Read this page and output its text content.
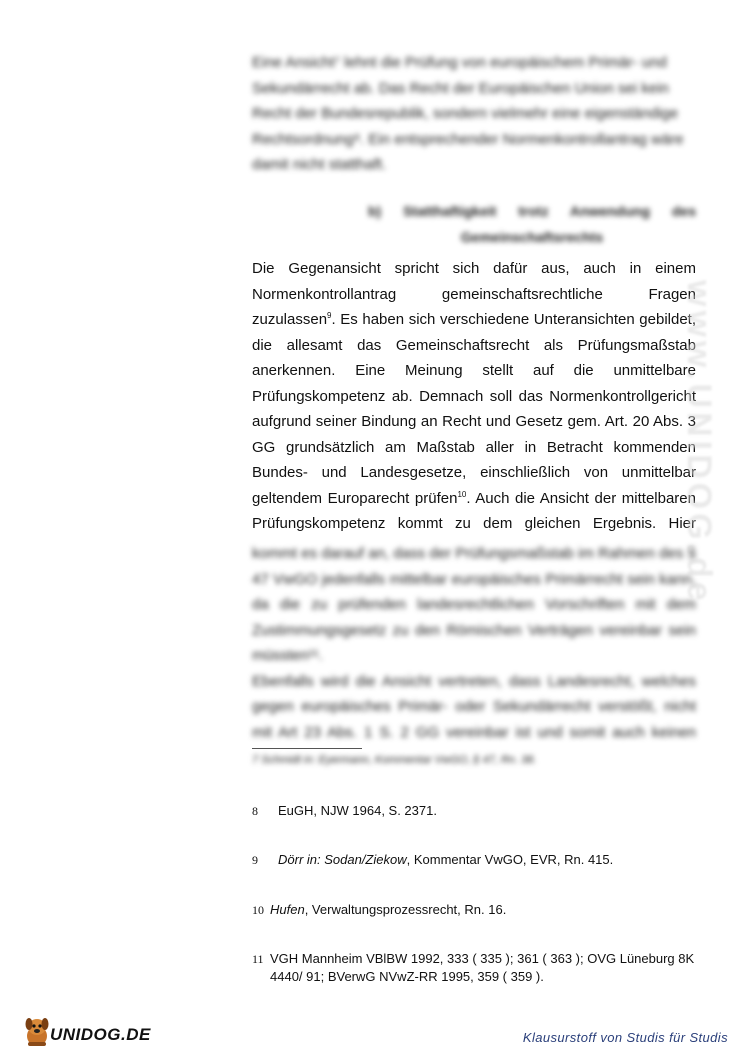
Eine Ansicht⁷ lehnt die Prüfung von europäischem Primär- und
Sekundärrecht ab. Das Recht der Europäischen Union sei kein
Recht der Bundesrepublik, sondern vielmehr eine eigenständige
Rechtsordnung⁸. Ein entsprechender Normenkontrollantrag wäre
damit nicht statthaft.
b) Statthaftigkeit trotz Anwendung des
Gemeinschaftsrechts
Die Gegenansicht spricht sich dafür aus, auch in einem
Normenkontrollantrag gemeinschaftsrechtliche Fragen
zuzulassen$^9$. Es haben sich verschiedene Unteransichten gebildet,
die allesamt das Gemeinschaftsrecht als Prüfungsmaßstab
anerkennen. Eine Meinung stellt auf die unmittelbare
Prüfungskompetenz ab. Demnach soll das Normenkontrollgericht
aufgrund seiner Bindung an Recht und Gesetz gem. Art. 20 Abs. 3
GG grundsätzlich am Maßstab aller in Betracht kommenden
Bundes- und Landesgesetze, einschließlich von unmittelbar
geltendem Europarecht prüfen$^{10}$. Auch die Ansicht der mittelbaren
Prüfungskompetenz kommt zu dem gleichen Ergebnis. Hier
kommt es darauf an, dass der Prüfungsmaßstab im Rahmen des §
47 VwGO jedenfalls mittelbar europäisches Primärrecht sein kann,
da die zu prüfenden landesrechtlichen Vorschriften mit dem
Zustimmungsgesetz zu den Römischen Verträgen vereinbar sein
müssten¹¹.
Ebenfalls wird die Ansicht vertreten, dass Landesrecht, welches
gegen europäisches Primär- oder Sekundärrecht verstößt, nicht
mit Art 23 Abs. 1 S. 2 GG vereinbar ist und somit auch keinen
www.UNIDOG.de
7 Schmidt in: Eyermann, Kommentar VwGO, § 47, Rn. 38.
8 EuGH, NJW 1964, S. 2371.
9 Dörr in: Sodan/Ziekow, Kommentar VwGO, EVR, Rn. 415.
10 Hufen, Verwaltungsprozessrecht, Rn. 16.
11 VGH Mannheim VBlBW 1992, 333 ( 335 ); 361 ( 363 ); OVG Lüneburg 8K
4440/ 91; BVerwG NVwZ-RR 1995, 359 ( 359 ).
UNIDOG.DE	Klausurstoff von Studis für Studis
